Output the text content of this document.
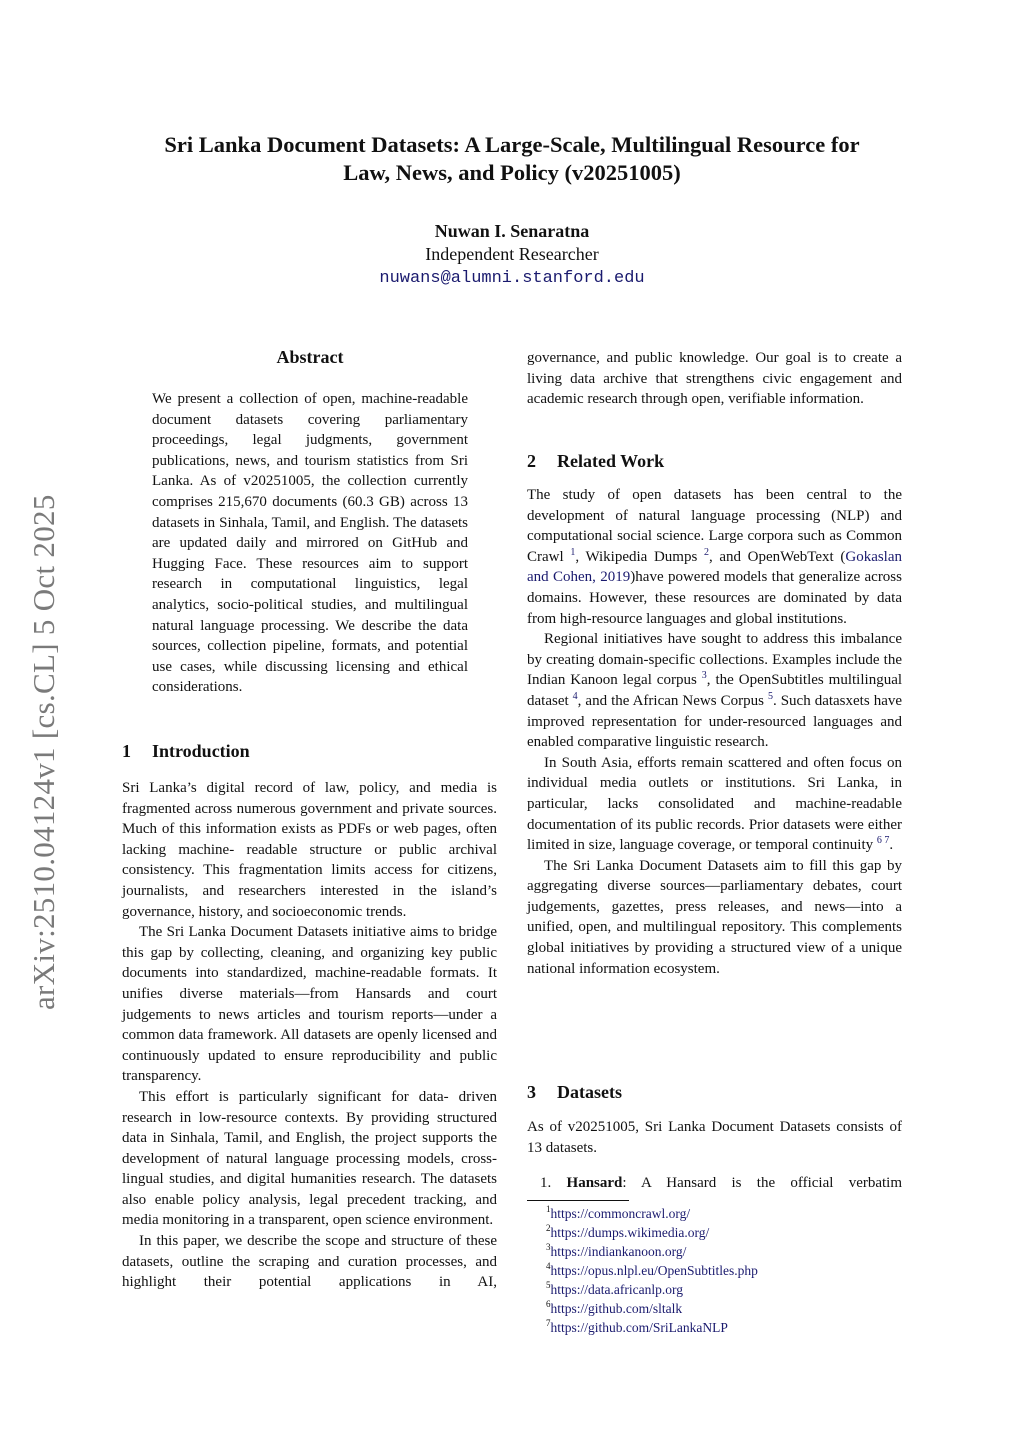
arXiv:2510.04124v1 [cs.CL] 5 Oct 2025
Sri Lanka Document Datasets: A Large-Scale, Multilingual Resource for
Law, News, and Policy (v20251005)
Nuwan I. Senaratna
Independent Researcher
nuwans@alumni.stanford.edu
Abstract

We present a collection of open, machine-readable document datasets covering parliamentary proceedings, legal judgments, government publications, news, and tourism statistics from Sri Lanka. As of v20251005, the collection currently comprises 215,670 documents (60.3 GB) across 13 datasets in Sinhala, Tamil, and English. The datasets are updated daily and mirrored on GitHub and Hugging Face. These resources aim to support research in computational linguistics, legal analytics, socio-political studies, and multilingual natural language processing. We describe the data sources, collection pipeline, formats, and potential use cases, while discussing licensing and ethical considerations.

1 Introduction

Sri Lanka’s digital record of law, policy, and media is fragmented across numerous government and private sources. Much of this information exists as PDFs or web pages, often lacking machine- readable structure or public archival consistency. This fragmentation limits access for citizens, journalists, and researchers interested in the island’s governance, history, and socioeconomic trends.

The Sri Lanka Document Datasets initiative aims to bridge this gap by collecting, cleaning, and organizing key public documents into standardized, machine-readable formats. It unifies diverse materials—from Hansards and court judgements to news articles and tourism reports—under a common data framework. All datasets are openly licensed and continuously updated to ensure reproducibility and public transparency.

This effort is particularly significant for data- driven research in low-resource contexts. By providing structured data in Sinhala, Tamil, and English, the project supports the development of natural language processing models, cross-lingual studies, and digital humanities research. The datasets also enable policy analysis, legal precedent tracking, and media monitoring in a transparent, open science environment.

In this paper, we describe the scope and structure of these datasets, outline the scraping and curation processes, and highlight their potential applications in AI,

governance, and public knowledge. Our goal is to create a living data archive that strengthens civic engagement and academic research through open, verifiable information.

2 Related Work

The study of open datasets has been central to the development of natural language processing (NLP) and computational social science. Large corpora such as Common Crawl $^1$, Wikipedia Dumps $^2$, and OpenWebText (Gokaslan and Cohen, 2019)have powered models that generalize across domains. However, these resources are dominated by data from high-resource languages and global institutions.

Regional initiatives have sought to address this imbalance by creating domain-specific collections. Examples include the Indian Kanoon legal corpus $^3$, the OpenSubtitles multilingual dataset $^4$, and the African News Corpus $^5$. Such datasxets have improved representation for under-resourced languages and enabled comparative linguistic research.

In South Asia, efforts remain scattered and often focus on individual media outlets or institutions. Sri Lanka, in particular, lacks consolidated and machine-readable documentation of its public records. Prior datasets were either limited in size, language coverage, or temporal continuity $^{6 7}$.

The Sri Lanka Document Datasets aim to fill this gap by aggregating diverse sources—parliamentary debates, court judgements, gazettes, press releases, and news—into a unified, open, and multilingual repository. This complements global initiatives by providing a structured view of a unique national information ecosystem.

3 Datasets

As of v20251005, Sri Lanka Document Datasets consists of 13 datasets.

1. Hansard: A Hansard is the official verbatim
$^1$https://commoncrawl.org/
$^2$https://dumps.wikimedia.org/
$^3$https://indiankanoon.org/
$^4$https://opus.nlpl.eu/OpenSubtitles.php
$^5$https://data.africanlp.org
$^6$https://github.com/sltalk
$^7$https://github.com/SriLankaNLP
